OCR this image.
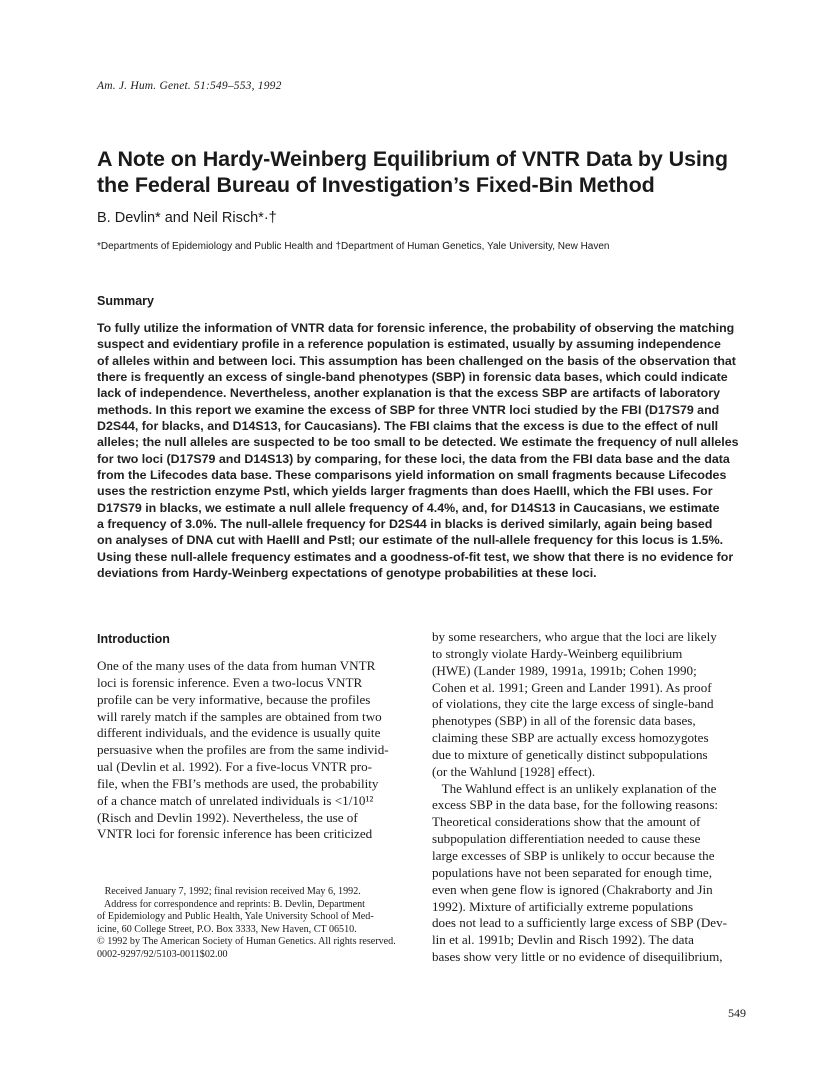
Am. J. Hum. Genet. 51:549–553, 1992
A Note on Hardy-Weinberg Equilibrium of VNTR Data by Using
the Federal Bureau of Investigation’s Fixed-Bin Method
B. Devlin* and Neil Risch*·†
*Departments of Epidemiology and Public Health and †Department of Human Genetics, Yale University, New Haven
Summary
To fully utilize the information of VNTR data for forensic inference, the probability of observing the matching
suspect and evidentiary profile in a reference population is estimated, usually by assuming independence
of alleles within and between loci. This assumption has been challenged on the basis of the observation that
there is frequently an excess of single-band phenotypes (SBP) in forensic data bases, which could indicate
lack of independence. Nevertheless, another explanation is that the excess SBP are artifacts of laboratory
methods. In this report we examine the excess of SBP for three VNTR loci studied by the FBI (D17S79 and
D2S44, for blacks, and D14S13, for Caucasians). The FBI claims that the excess is due to the effect of null
alleles; the null alleles are suspected to be too small to be detected. We estimate the frequency of null alleles
for two loci (D17S79 and D14S13) by comparing, for these loci, the data from the FBI data base and the data
from the Lifecodes data base. These comparisons yield information on small fragments because Lifecodes
uses the restriction enzyme PstI, which yields larger fragments than does HaeIII, which the FBI uses. For
D17S79 in blacks, we estimate a null allele frequency of 4.4%, and, for D14S13 in Caucasians, we estimate
a frequency of 3.0%. The null-allele frequency for D2S44 in blacks is derived similarly, again being based
on analyses of DNA cut with HaeIII and PstI; our estimate of the null-allele frequency for this locus is 1.5%.
Using these null-allele frequency estimates and a goodness-of-fit test, we show that there is no evidence for
deviations from Hardy-Weinberg expectations of genotype probabilities at these loci.
Introduction
One of the many uses of the data from human VNTR
loci is forensic inference. Even a two-locus VNTR
profile can be very informative, because the profiles
will rarely match if the samples are obtained from two
different individuals, and the evidence is usually quite
persuasive when the profiles are from the same individ-
ual (Devlin et al. 1992). For a five-locus VNTR pro-
file, when the FBI’s methods are used, the probability
of a chance match of unrelated individuals is <1/10¹²
(Risch and Devlin 1992). Nevertheless, the use of
VNTR loci for forensic inference has been criticized
by some researchers, who argue that the loci are likely
to strongly violate Hardy-Weinberg equilibrium
(HWE) (Lander 1989, 1991a, 1991b; Cohen 1990;
Cohen et al. 1991; Green and Lander 1991). As proof
of violations, they cite the large excess of single-band
phenotypes (SBP) in all of the forensic data bases,
claiming these SBP are actually excess homozygotes
due to mixture of genetically distinct subpopulations
(or the Wahlund [1928] effect).
The Wahlund effect is an unlikely explanation of the
excess SBP in the data base, for the following reasons:
Theoretical considerations show that the amount of
subpopulation differentiation needed to cause these
large excesses of SBP is unlikely to occur because the
populations have not been separated for enough time,
even when gene flow is ignored (Chakraborty and Jin
1992). Mixture of artificially extreme populations
does not lead to a sufficiently large excess of SBP (Dev-
lin et al. 1991b; Devlin and Risch 1992). The data
bases show very little or no evidence of disequilibrium,
Received January 7, 1992; final revision received May 6, 1992.
Address for correspondence and reprints: B. Devlin, Department
of Epidemiology and Public Health, Yale University School of Med-
icine, 60 College Street, P.O. Box 3333, New Haven, CT 06510.
© 1992 by The American Society of Human Genetics. All rights reserved.
0002-9297/92/5103-0011$02.00
549
